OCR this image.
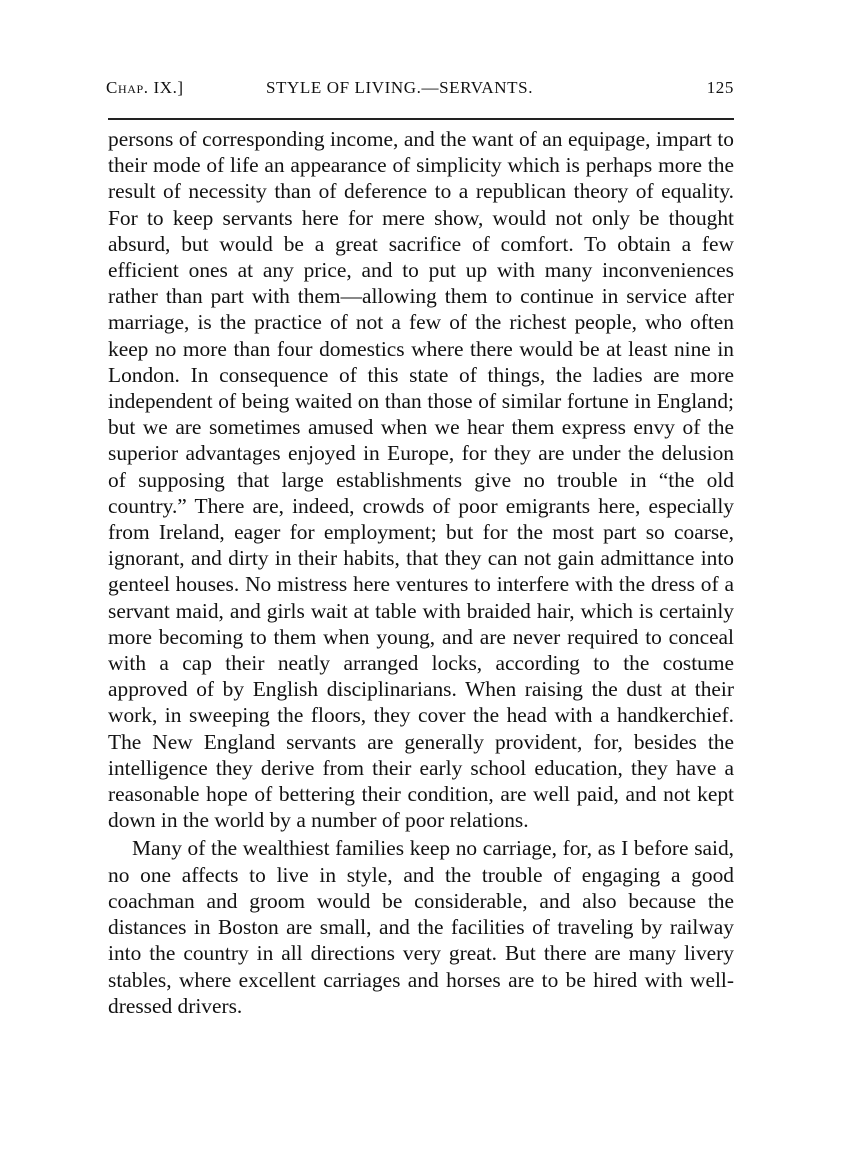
Chap. IX.]	STYLE OF LIVING.—SERVANTS.	125

persons of corresponding income, and the want of an equipage, impart to their mode of life an appearance of simplicity which is perhaps more the result of necessity than of deference to a republican theory of equality. For to keep servants here for mere show, would not only be thought absurd, but would be a great sacrifice of comfort. To obtain a few efficient ones at any price, and to put up with many inconveniences rather than part with them—allowing them to continue in service after marriage, is the practice of not a few of the richest people, who often keep no more than four domestics where there would be at least nine in London. In consequence of this state of things, the ladies are more independent of being waited on than those of similar fortune in England; but we are sometimes amused when we hear them express envy of the superior advantages enjoyed in Europe, for they are under the delusion of supposing that large establishments give no trouble in “the old country.” There are, indeed, crowds of poor emigrants here, especially from Ireland, eager for employment; but for the most part so coarse, ignorant, and dirty in their habits, that they can not gain admittance into genteel houses. No mistress here ventures to interfere with the dress of a servant maid, and girls wait at table with braided hair, which is certainly more becoming to them when young, and are never required to conceal with a cap their neatly arranged locks, according to the costume approved of by English disciplinarians. When raising the dust at their work, in sweeping the floors, they cover the head with a handkerchief. The New England servants are generally provident, for, besides the intelligence they derive from their early school education, they have a reasonable hope of bettering their condition, are well paid, and not kept down in the world by a number of poor relations.

Many of the wealthiest families keep no carriage, for, as I before said, no one affects to live in style, and the trouble of engaging a good coachman and groom would be considerable, and also because the distances in Boston are small, and the facilities of traveling by railway into the country in all directions very great. But there are many livery stables, where excellent carriages and horses are to be hired with well-dressed drivers.
